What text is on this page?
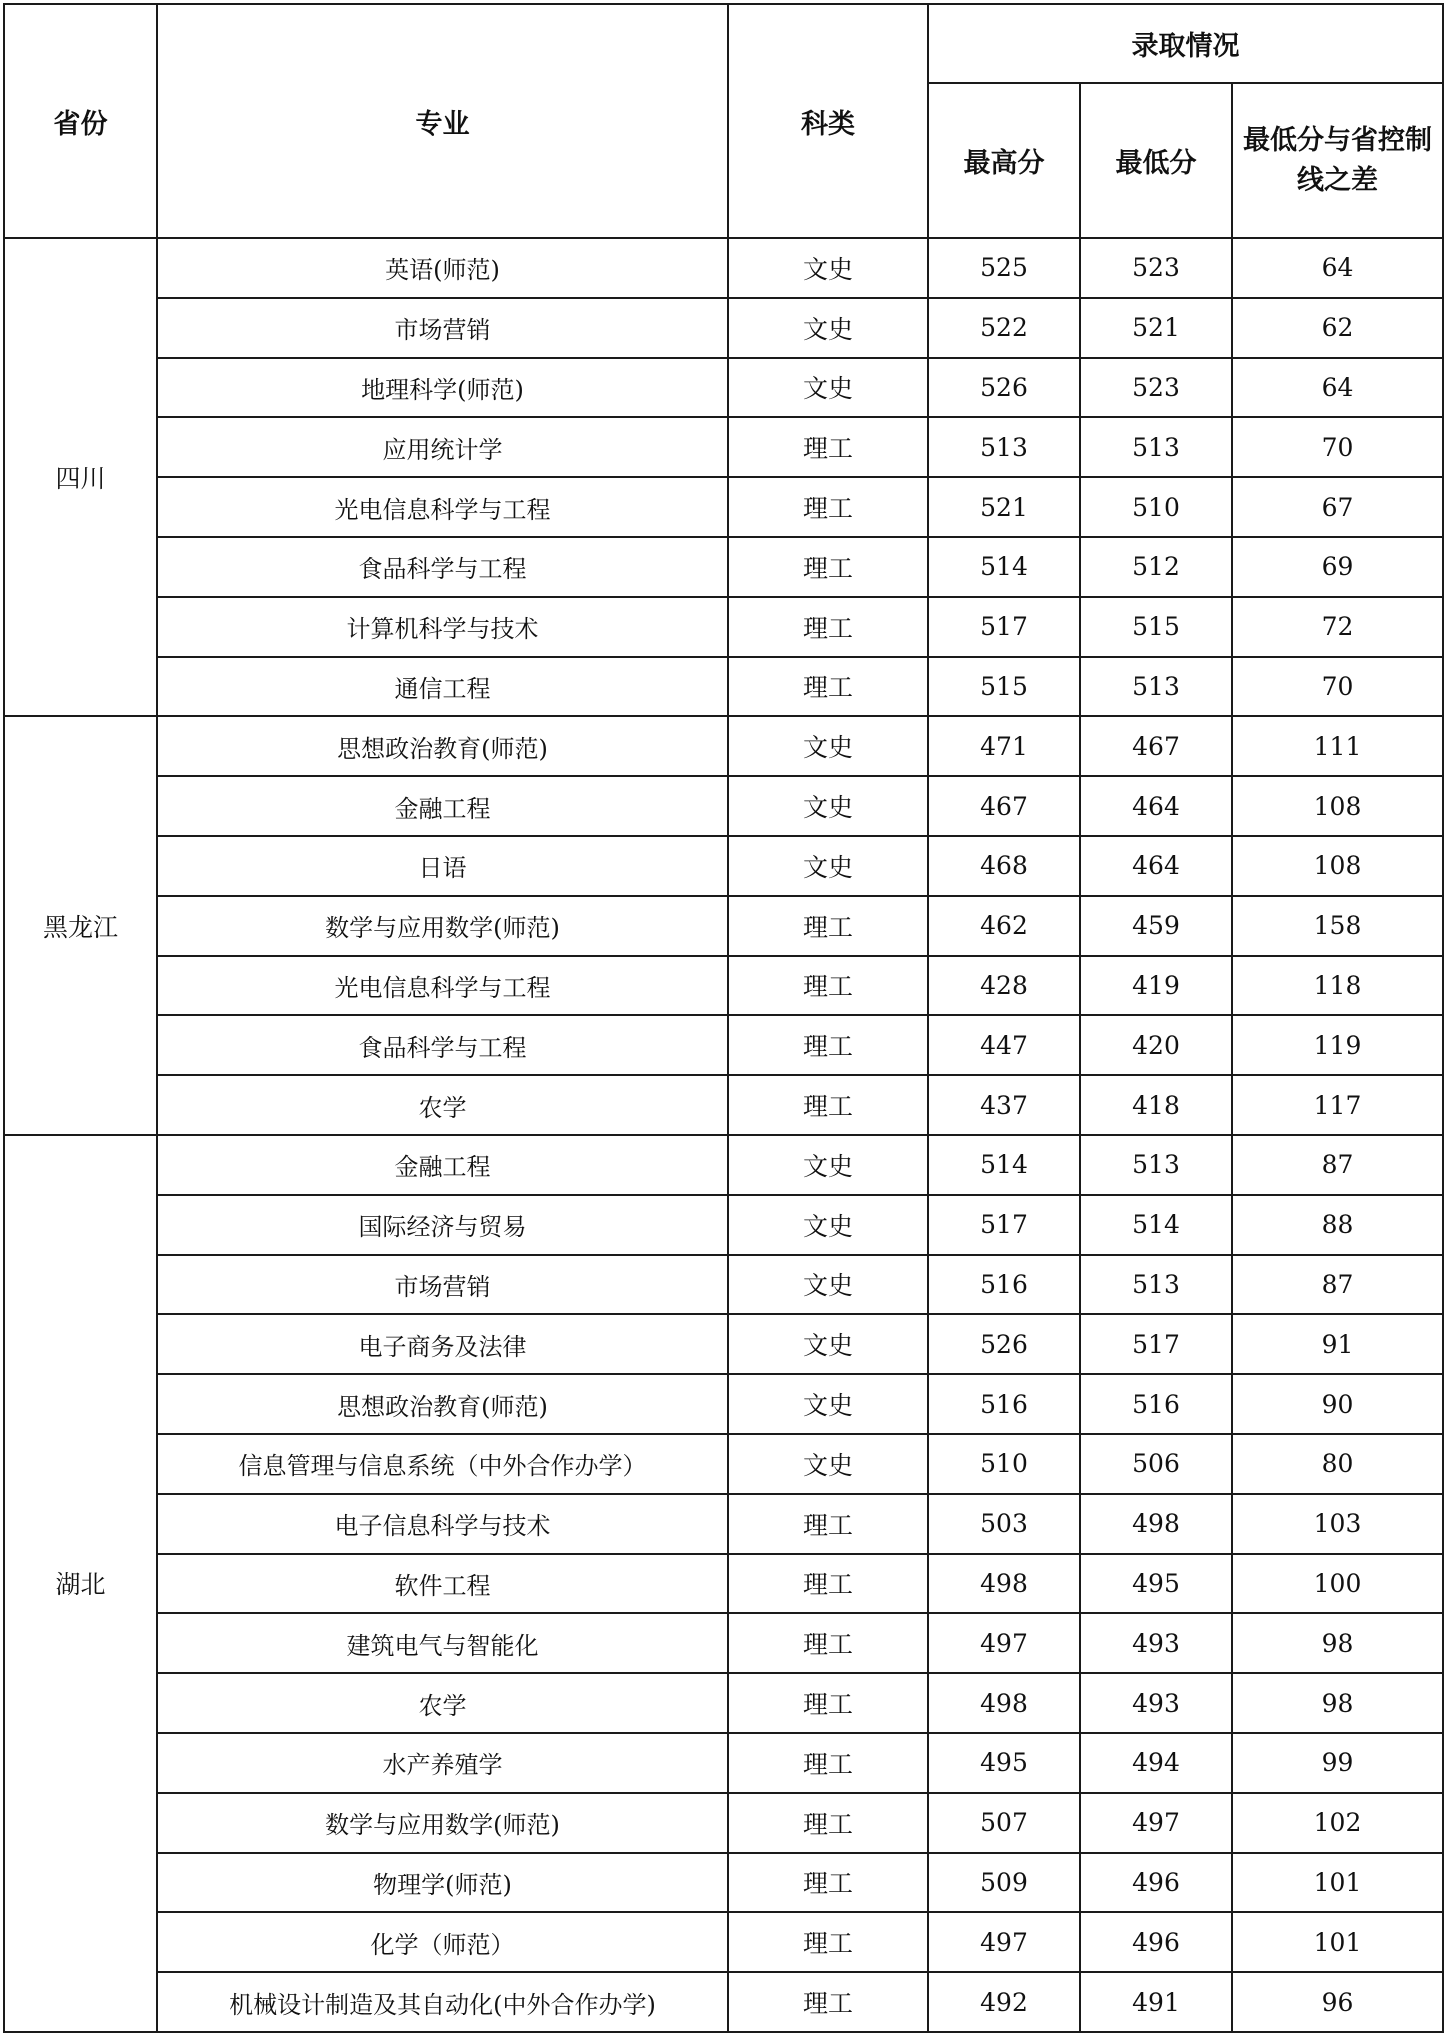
省份	专业	科类	录取情况		
			最高分	最低分	最低分与省控制线之差
四川	英语(师范)	文史	525	523	64
	市场营销	文史	522	521	62
	地理科学(师范)	文史	526	523	64
	应用统计学	理工	513	513	70
	光电信息科学与工程	理工	521	510	67
	食品科学与工程	理工	514	512	69
	计算机科学与技术	理工	517	515	72
	通信工程	理工	515	513	70
黑龙江	思想政治教育(师范)	文史	471	467	111
	金融工程	文史	467	464	108
	日语	文史	468	464	108
	数学与应用数学(师范)	理工	462	459	158
	光电信息科学与工程	理工	428	419	118
	食品科学与工程	理工	447	420	119
	农学	理工	437	418	117
湖北	金融工程	文史	514	513	87
	国际经济与贸易	文史	517	514	88
	市场营销	文史	516	513	87
	电子商务及法律	文史	526	517	91
	思想政治教育(师范)	文史	516	516	90
	信息管理与信息系统（中外合作办学）	文史	510	506	80
	电子信息科学与技术	理工	503	498	103
	软件工程	理工	498	495	100
	建筑电气与智能化	理工	497	493	98
	农学	理工	498	493	98
	水产养殖学	理工	495	494	99
	数学与应用数学(师范)	理工	507	497	102
	物理学(师范)	理工	509	496	101
	化学（师范）	理工	497	496	101
	机械设计制造及其自动化(中外合作办学)	理工	492	491	96
